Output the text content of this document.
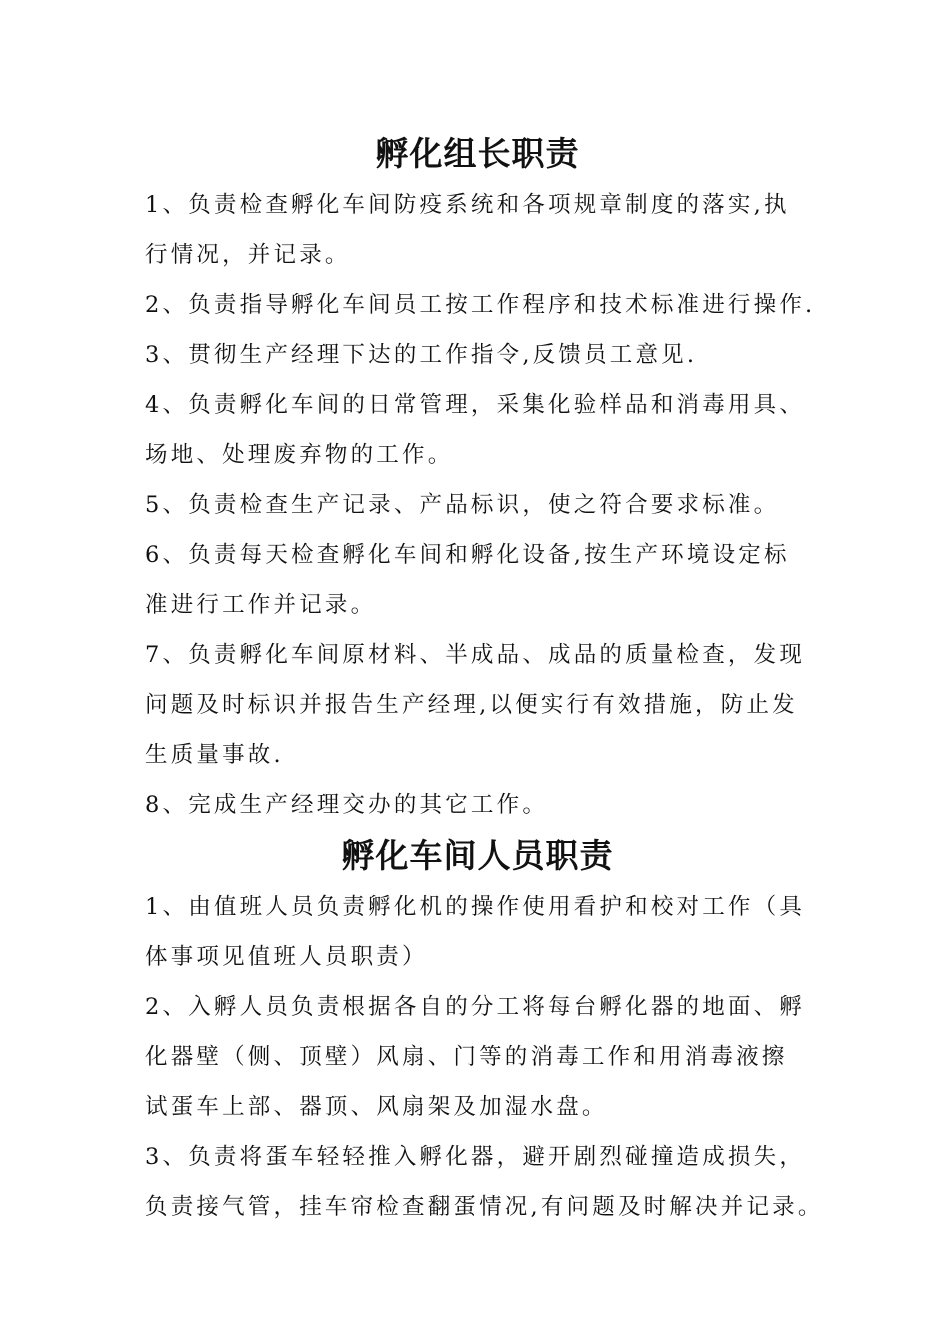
孵化组长职责

1、负责检查孵化车间防疫系统和各项规章制度的落实,执
行情况，并记录。

2、负责指导孵化车间员工按工作程序和技术标准进行操作.

3、贯彻生产经理下达的工作指令,反馈员工意见.

4、负责孵化车间的日常管理，采集化验样品和消毒用具、
场地、处理废弃物的工作。

5、负责检查生产记录、产品标识，使之符合要求标准。

6、负责每天检查孵化车间和孵化设备,按生产环境设定标
准进行工作并记录。

7、负责孵化车间原材料、半成品、成品的质量检查，发现
问题及时标识并报告生产经理,以便实行有效措施，防止发
生质量事故.

8、完成生产经理交办的其它工作。

孵化车间人员职责

1、由值班人员负责孵化机的操作使用看护和校对工作（具
体事项见值班人员职责）

2、入孵人员负责根据各自的分工将每台孵化器的地面、孵
化器壁（侧、顶壁）风扇、门等的消毒工作和用消毒液擦
试蛋车上部、器顶、风扇架及加湿水盘。

3、负责将蛋车轻轻推入孵化器，避开剧烈碰撞造成损失，
负责接气管，挂车帘检查翻蛋情况,有问题及时解决并记录。
